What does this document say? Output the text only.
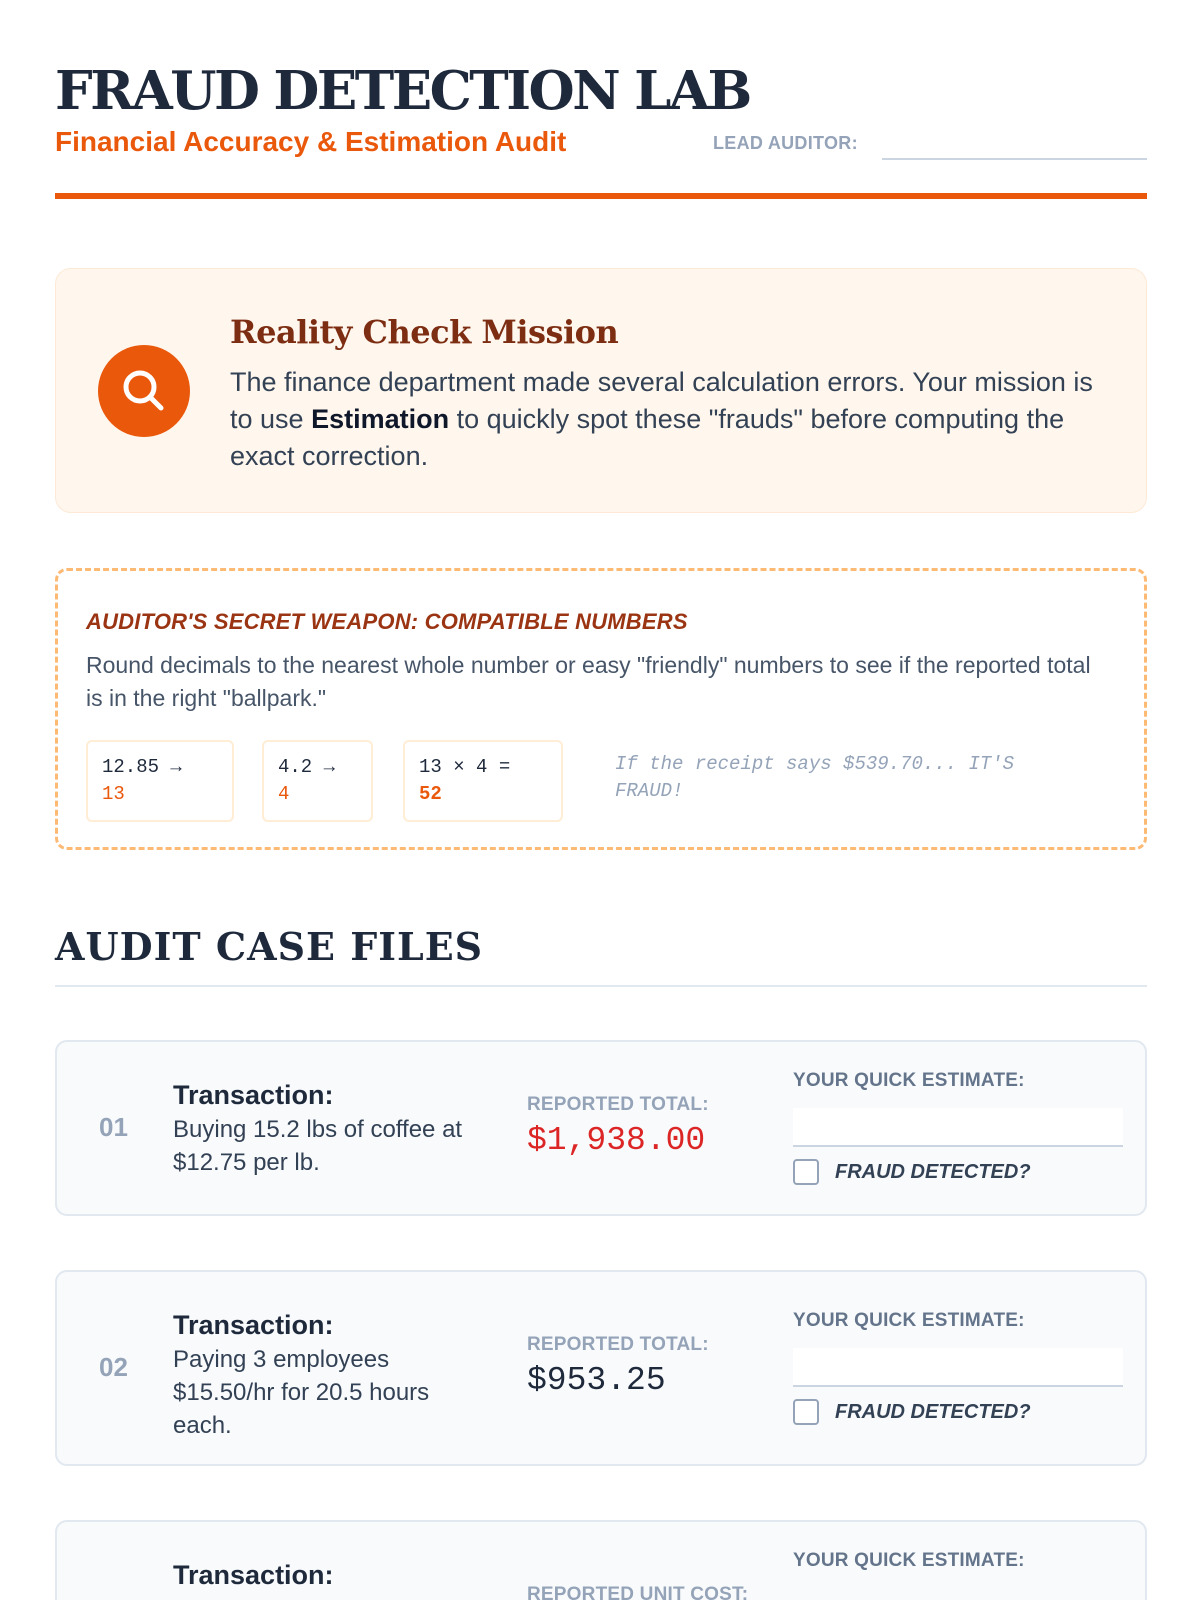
FRAUD DETECTION LAB
Financial Accuracy & Estimation Audit	LEAD AUDITOR:
Reality Check Mission

The finance department made several calculation errors. Your mission is to use Estimation to quickly spot these "frauds" before computing the exact correction.

AUDITOR'S SECRET WEAPON: COMPATIBLE NUMBERS

Round decimals to the nearest whole number or easy "friendly" numbers to see if the reported total is in the right "ballpark."

12.85 →
13
4.2 →
4
13 × 4 =
52

If the receipt says $539.70... IT'S FRAUD!

AUDIT CASE FILES
01
Transaction:

Buying 15.2 lbs of coffee at $12.75 per lb.

REPORTED TOTAL:
$1,938.00
YOUR QUICK ESTIMATE:
FRAUD DETECTED?
02
Transaction:

Paying 3 employees $15.50/hr for 20.5 hours each.

REPORTED TOTAL:
$953.25
YOUR QUICK ESTIMATE:
FRAUD DETECTED?
Transaction:
REPORTED UNIT COST:
YOUR QUICK ESTIMATE:
